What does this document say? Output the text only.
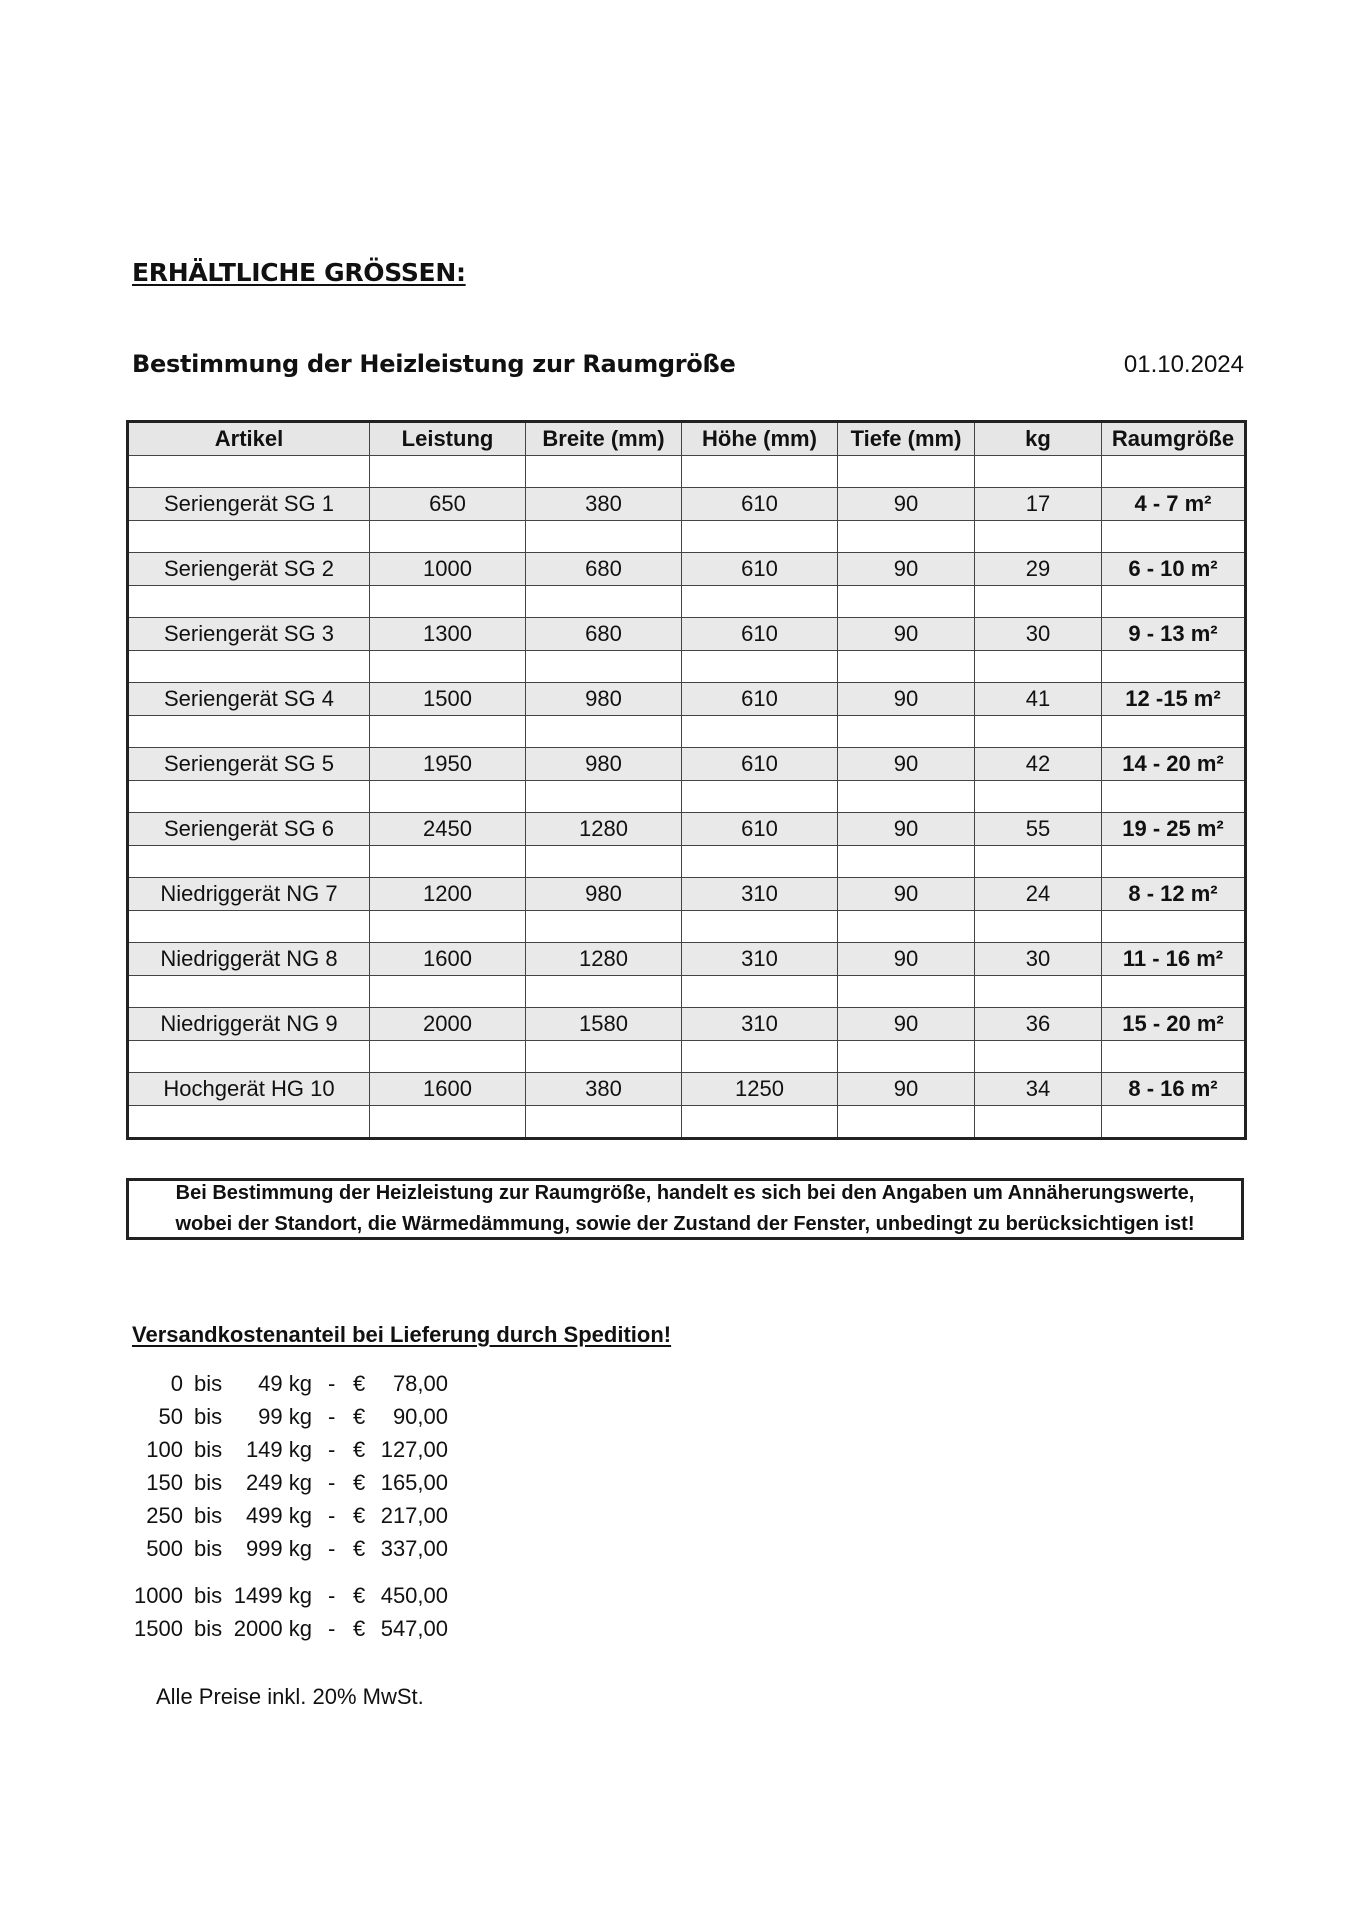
ERHÄLTLICHE GRÖSSEN:
Bestimmung der Heizleistung zur Raumgröße	01.10.2024
Artikel	Leistung	Breite (mm)	Höhe (mm)	Tiefe (mm)	kg	Raumgröße

Seriengerät SG 1	650	380	610	90	17	4 - 7 m²

Seriengerät SG 2	1000	680	610	90	29	6 - 10 m²

Seriengerät SG 3	1300	680	610	90	30	9 - 13 m²

Seriengerät SG 4	1500	980	610	90	41	12 -15 m²

Seriengerät SG 5	1950	980	610	90	42	14 - 20 m²

Seriengerät SG 6	2450	1280	610	90	55	19 - 25 m²

Niedriggerät NG 7	1200	980	310	90	24	8 - 12 m²

Niedriggerät NG 8	1600	1280	310	90	30	11 - 16 m²

Niedriggerät NG 9	2000	1580	310	90	36	15 - 20 m²

Hochgerät HG 10	1600	380	1250	90	34	8 - 16 m²

Bei Bestimmung der Heizleistung zur Raumgröße, handelt es sich bei den Angaben um Annäherungswerte,
wobei der Standort, die Wärmedämmung, sowie der Zustand der Fenster, unbedingt zu berücksichtigen ist!
Versandkostenanteil bei Lieferung durch Spedition!
0 bis 49 kg - € 78,00
50 bis 99 kg - € 90,00
100 bis 149 kg - € 127,00
150 bis 249 kg - € 165,00
250 bis 499 kg - € 217,00
500 bis 999 kg - € 337,00
1000 bis 1499 kg - € 450,00
1500 bis 2000 kg - € 547,00
Alle Preise inkl. 20% MwSt.
